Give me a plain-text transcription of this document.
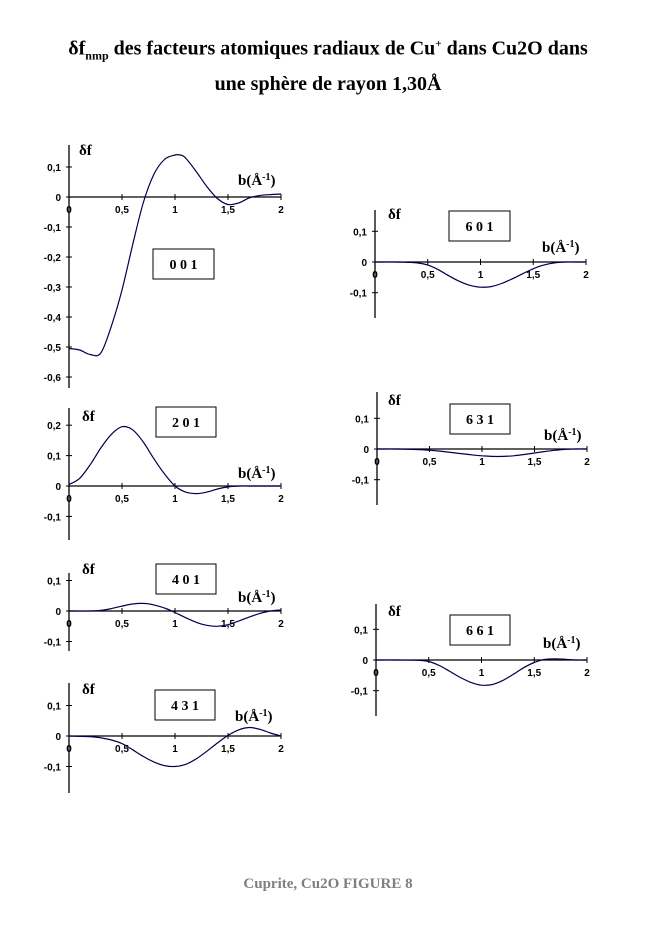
$\delta f_{nmp}$ des facteurs atomiques radiaux de Cu+ dans Cu2O dans
une sphère de rayon 1,30Å
0,1
0
-0,1
-0,2
-0,3
-0,4
-0,5
-0,6
0	0,5	1	1,5	2
δf
$b(Å^{-1})$
0 0 1
0,2
0,1
0
-0,1
0	0,5	1	1,5	2
δf
$b(Å^{-1})$
2 0 1
0,1
0
-0,1
0	0,5	1	1,5	2
δf
$b(Å^{-1})$
4 0 1
0,1
0
-0,1
0	0,5	1	1,5	2
δf
$b(Å^{-1})$
4 3 1
0,1
0
-0,1
0	0,5	1	1,5	2
δf
$b(Å^{-1})$
6 0 1
0,1
0
-0,1
0	0,5	1	1,5	2
δf
$b(Å^{-1})$
6 3 1
0,1
0
-0,1
0	0,5	1	1,5	2
δf
$b(Å^{-1})$
6 6 1
Cuprite, Cu2O FIGURE 8
